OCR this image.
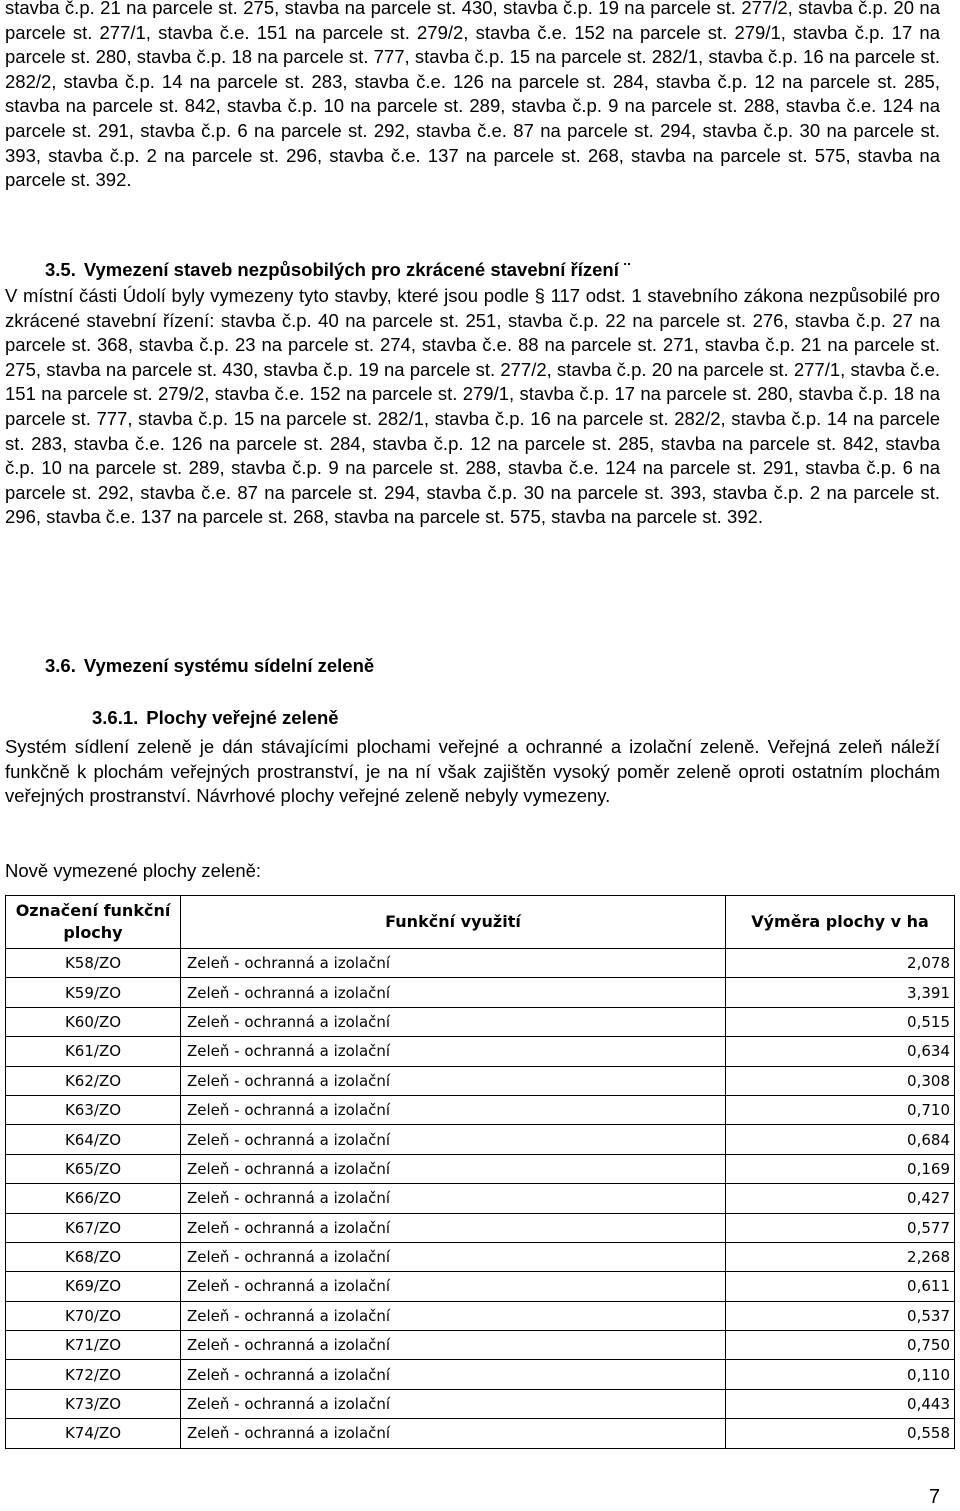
stavba č.p. 21 na parcele st. 275, stavba na parcele st. 430, stavba č.p. 19 na parcele st. 277/2, stavba č.p. 20 na parcele st. 277/1, stavba č.e. 151 na parcele st. 279/2, stavba č.e. 152 na parcele st. 279/1, stavba č.p. 17 na parcele st. 280, stavba č.p. 18 na parcele st. 777, stavba č.p. 15 na parcele st. 282/1, stavba č.p. 16 na parcele st. 282/2, stavba č.p. 14 na parcele st. 283, stavba č.e. 126 na parcele st. 284, stavba č.p. 12 na parcele st. 285, stavba na parcele st. 842, stavba č.p. 10 na parcele st. 289, stavba č.p. 9 na parcele st. 288, stavba č.e. 124 na parcele st. 291, stavba č.p. 6 na parcele st. 292, stavba č.e. 87 na parcele st. 294, stavba č.p. 30 na parcele st. 393, stavba č.p. 2 na parcele st. 296, stavba č.e. 137 na parcele st. 268, stavba na parcele st. 575, stavba na parcele st. 392.

3.5. Vymezení staveb nezpůsobilých pro zkrácené stavební řízení ¨

V místní části Údolí byly vymezeny tyto stavby, které jsou podle § 117 odst. 1 stavebního zákona nezpůsobilé pro zkrácené stavební řízení: stavba č.p. 40 na parcele st. 251, stavba č.p. 22 na parcele st. 276, stavba č.p. 27 na parcele st. 368, stavba č.p. 23 na parcele st. 274, stavba č.e. 88 na parcele st. 271, stavba č.p. 21 na parcele st. 275, stavba na parcele st. 430, stavba č.p. 19 na parcele st. 277/2, stavba č.p. 20 na parcele st. 277/1, stavba č.e. 151 na parcele st. 279/2, stavba č.e. 152 na parcele st. 279/1, stavba č.p. 17 na parcele st. 280, stavba č.p. 18 na parcele st. 777, stavba č.p. 15 na parcele st. 282/1, stavba č.p. 16 na parcele st. 282/2, stavba č.p. 14 na parcele st. 283, stavba č.e. 126 na parcele st. 284, stavba č.p. 12 na parcele st. 285, stavba na parcele st. 842, stavba č.p. 10 na parcele st. 289, stavba č.p. 9 na parcele st. 288, stavba č.e. 124 na parcele st. 291, stavba č.p. 6 na parcele st. 292, stavba č.e. 87 na parcele st. 294, stavba č.p. 30 na parcele st. 393, stavba č.p. 2 na parcele st. 296, stavba č.e. 137 na parcele st. 268, stavba na parcele st. 575, stavba na parcele st. 392.

3.6. Vymezení systému sídelní zeleně
3.6.1. Plochy veřejné zeleně

Systém sídlení zeleně je dán stávajícími plochami veřejné a ochranné a izolační zeleně. Veřejná zeleň náleží funkčně k plochám veřejných prostranství, je na ní však zajištěn vysoký poměr zeleně oproti ostatním plochám veřejných prostranství. Návrhové plochy veřejné zeleně nebyly vymezeny.

Nově vymezené plochy zeleně:

Označení funkční plochy	Funkční využití	Výměra plochy v ha
K58/ZO	Zeleň - ochranná a izolační	2,078
K59/ZO	Zeleň - ochranná a izolační	3,391
K60/ZO	Zeleň - ochranná a izolační	0,515
K61/ZO	Zeleň - ochranná a izolační	0,634
K62/ZO	Zeleň - ochranná a izolační	0,308
K63/ZO	Zeleň - ochranná a izolační	0,710
K64/ZO	Zeleň - ochranná a izolační	0,684
K65/ZO	Zeleň - ochranná a izolační	0,169
K66/ZO	Zeleň - ochranná a izolační	0,427
K67/ZO	Zeleň - ochranná a izolační	0,577
K68/ZO	Zeleň - ochranná a izolační	2,268
K69/ZO	Zeleň - ochranná a izolační	0,611
K70/ZO	Zeleň - ochranná a izolační	0,537
K71/ZO	Zeleň - ochranná a izolační	0,750
K72/ZO	Zeleň - ochranná a izolační	0,110
K73/ZO	Zeleň - ochranná a izolační	0,443
K74/ZO	Zeleň - ochranná a izolační	0,558
7
